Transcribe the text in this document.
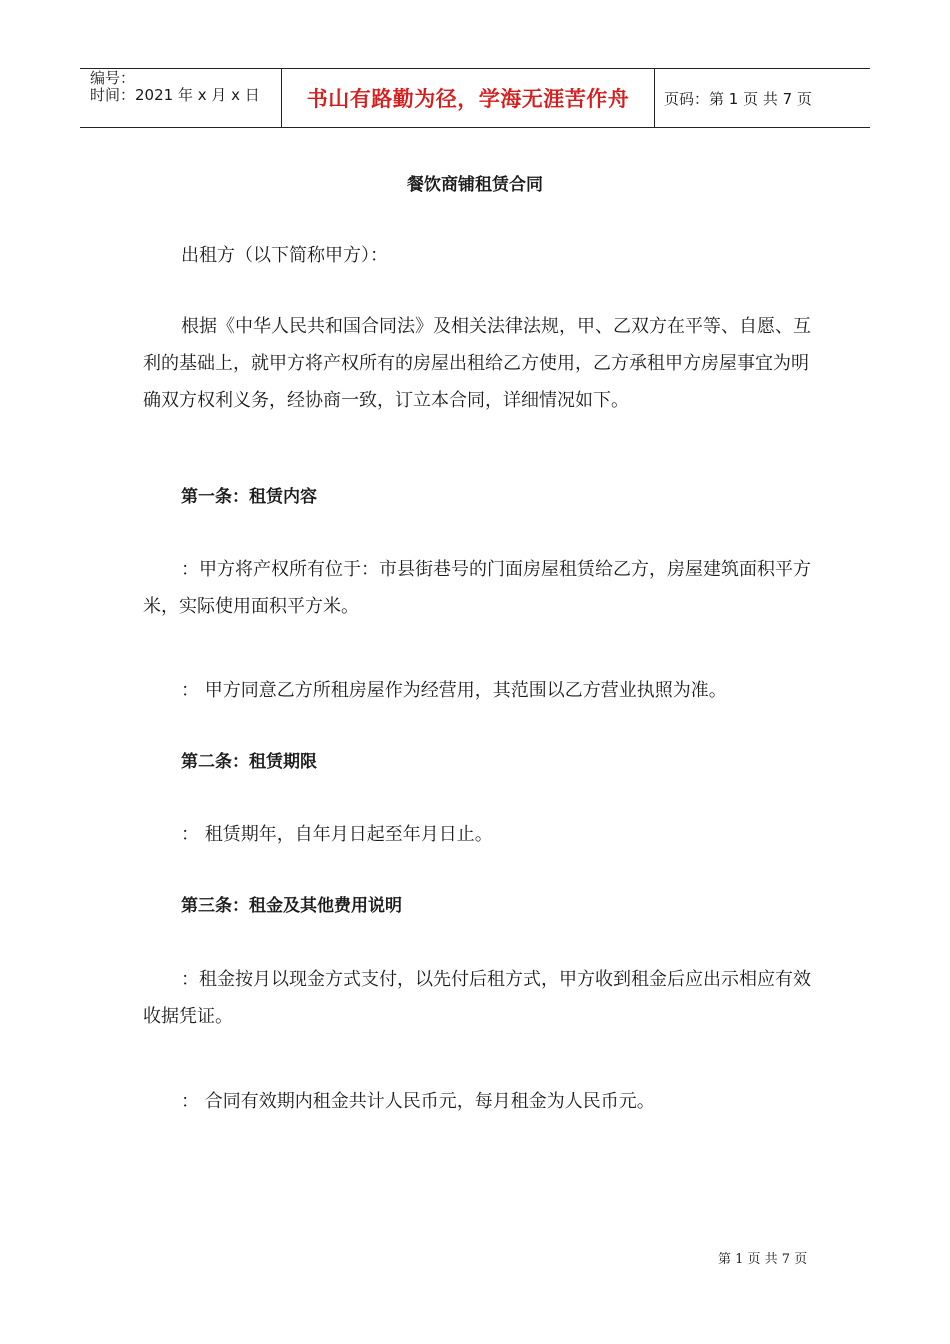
编号：
时间：2021 年 x 月 x 日	书山有路勤为径，学海无涯苦作舟 页码：第 1 页 共 7 页
餐饮商铺租赁合同

出租方（以下简称甲方）：

根据《中华人民共和国合同法》及相关法律法规，甲、乙双方在平等、自愿、互利的基础上，就甲方将产权所有的房屋出租给乙方使用，乙方承租甲方房屋事宜为明确双方权利义务，经协商一致，订立本合同，详细情况如下。

第一条：租赁内容

：甲方将产权所有位于：市县街巷号的门面房屋租赁给乙方，房屋建筑面积平方米，实际使用面积平方米。

： 甲方同意乙方所租房屋作为经营用，其范围以乙方营业执照为准。

第二条：租赁期限

： 租赁期年，自年月日起至年月日止。

第三条：租金及其他费用说明

：租金按月以现金方式支付，以先付后租方式，甲方收到租金后应出示相应有效收据凭证。

： 合同有效期内租金共计人民币元，每月租金为人民币元。

第 1 页 共 7 页
